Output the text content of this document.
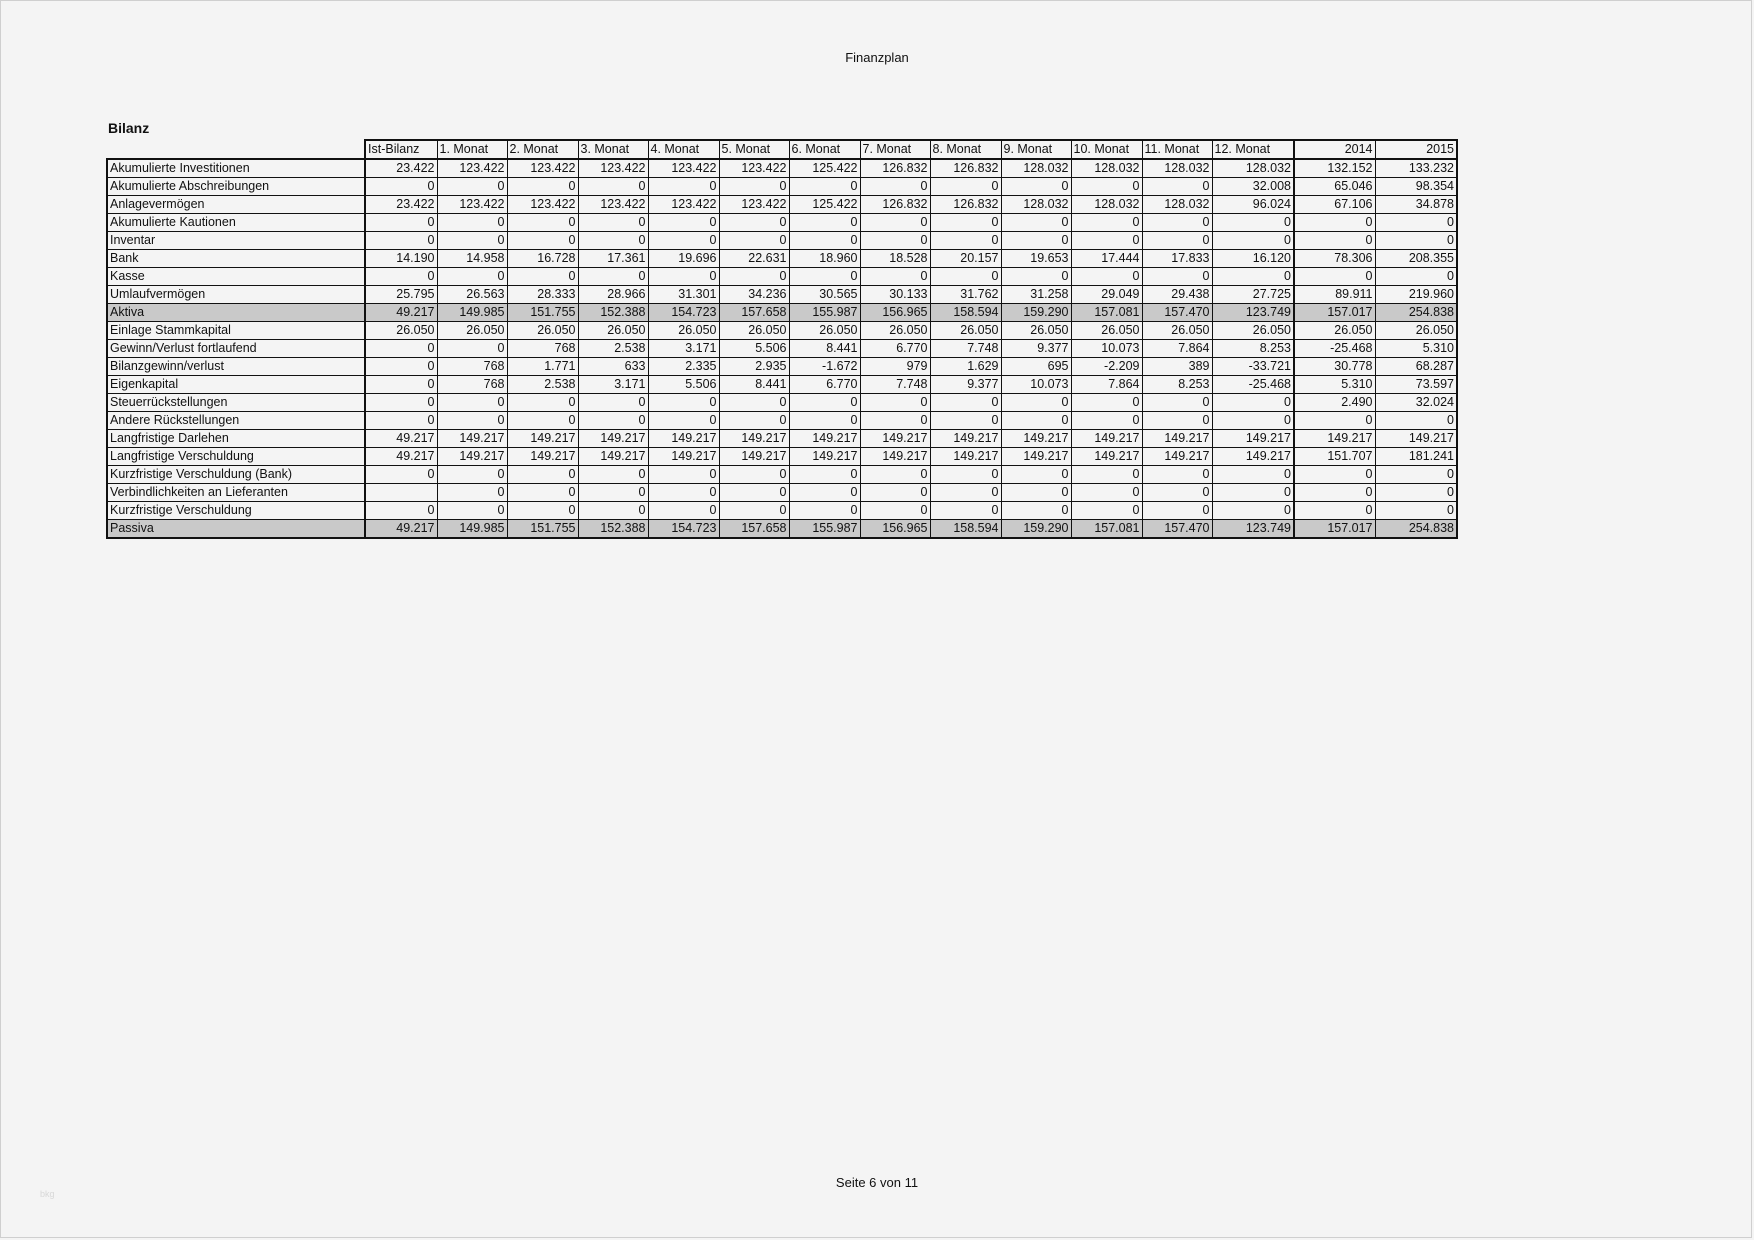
Finanzplan
Bilanz
	Ist-Bilanz	1. Monat	2. Monat	3. Monat	4. Monat	5. Monat	6. Monat	7. Monat	8. Monat	9. Monat	10. Monat	11. Monat	12. Monat	2014	2015
Akumulierte Investitionen	23.422	123.422	123.422	123.422	123.422	123.422	125.422	126.832	126.832	128.032	128.032	128.032	128.032	132.152	133.232
Akumulierte Abschreibungen	0	0	0	0	0	0	0	0	0	0	0	0	32.008	65.046	98.354
Anlagevermögen	23.422	123.422	123.422	123.422	123.422	123.422	125.422	126.832	126.832	128.032	128.032	128.032	96.024	67.106	34.878
Akumulierte Kautionen	0	0	0	0	0	0	0	0	0	0	0	0	0	0	0
Inventar	0	0	0	0	0	0	0	0	0	0	0	0	0	0	0
Bank	14.190	14.958	16.728	17.361	19.696	22.631	18.960	18.528	20.157	19.653	17.444	17.833	16.120	78.306	208.355
Kasse	0	0	0	0	0	0	0	0	0	0	0	0	0	0	0
Umlaufvermögen	25.795	26.563	28.333	28.966	31.301	34.236	30.565	30.133	31.762	31.258	29.049	29.438	27.725	89.911	219.960
Aktiva	49.217	149.985	151.755	152.388	154.723	157.658	155.987	156.965	158.594	159.290	157.081	157.470	123.749	157.017	254.838
Einlage Stammkapital	26.050	26.050	26.050	26.050	26.050	26.050	26.050	26.050	26.050	26.050	26.050	26.050	26.050	26.050	26.050
Gewinn/Verlust fortlaufend	0	0	768	2.538	3.171	5.506	8.441	6.770	7.748	9.377	10.073	7.864	8.253	-25.468	5.310
Bilanzgewinn/verlust	0	768	1.771	633	2.335	2.935	-1.672	979	1.629	695	-2.209	389	-33.721	30.778	68.287
Eigenkapital	0	768	2.538	3.171	5.506	8.441	6.770	7.748	9.377	10.073	7.864	8.253	-25.468	5.310	73.597
Steuerrückstellungen	0	0	0	0	0	0	0	0	0	0	0	0	0	2.490	32.024
Andere Rückstellungen	0	0	0	0	0	0	0	0	0	0	0	0	0	0	0
Langfristige Darlehen	49.217	149.217	149.217	149.217	149.217	149.217	149.217	149.217	149.217	149.217	149.217	149.217	149.217	149.217	149.217
Langfristige Verschuldung	49.217	149.217	149.217	149.217	149.217	149.217	149.217	149.217	149.217	149.217	149.217	149.217	149.217	151.707	181.241
Kurzfristige Verschuldung (Bank)	0	0	0	0	0	0	0	0	0	0	0	0	0	0	0
Verbindlichkeiten an Lieferanten		0	0	0	0	0	0	0	0	0	0	0	0	0	0
Kurzfristige Verschuldung	0	0	0	0	0	0	0	0	0	0	0	0	0	0	0
Passiva	49.217	149.985	151.755	152.388	154.723	157.658	155.987	156.965	158.594	159.290	157.081	157.470	123.749	157.017	254.838
Seite 6 von 11
bkg
